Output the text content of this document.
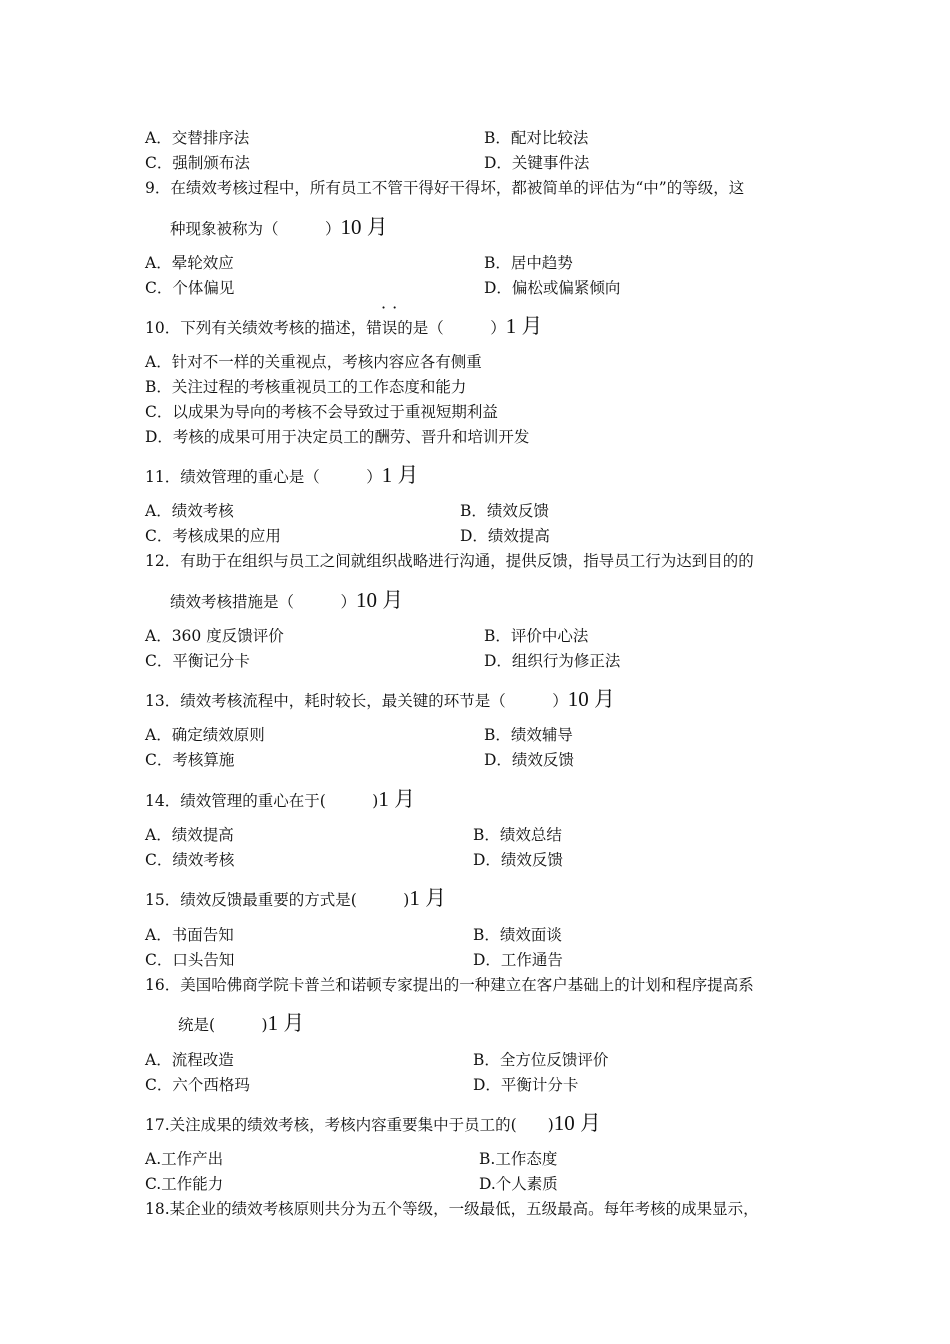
A．交替排序法	B．配对比较法
C．强制颁布法	D．关键事件法
9．在绩效考核过程中，所有员工不管干得好干得坏，都被简单的评估为“中”的等级，这
种现象被称为（　　　）10 月
A．晕轮效应	B．居中趋势
C．个体偏见	D．偏松或偏紧倾向
··
10．下列有关绩效考核的描述，错误的是（　　　）1 月
A．针对不一样的关重视点，考核内容应各有侧重
B．关注过程的考核重视员工的工作态度和能力
C．以成果为导向的考核不会导致过于重视短期利益
D．考核的成果可用于决定员工的酬劳、晋升和培训开发
11．绩效管理的重心是（　　　）1 月
A．绩效考核	B．绩效反馈
C．考核成果的应用	D．绩效提高
12．有助于在组织与员工之间就组织战略进行沟通，提供反馈，指导员工行为达到目的的
绩效考核措施是（　　　）10 月
A．360 度反馈评价	B．评价中心法
C．平衡记分卡	D．组织行为修正法
13．绩效考核流程中，耗时较长，最关键的环节是（　　　）10 月
A．确定绩效原则	B．绩效辅导
C．考核算施	D．绩效反馈
14．绩效管理的重心在于(　　　)1 月
A．绩效提高	B．绩效总结
C．绩效考核	D．绩效反馈
15．绩效反馈最重要的方式是(　　　)1 月
A．书面告知	B．绩效面谈
C．口头告知	D．工作通告
16．美国哈佛商学院卡普兰和诺顿专家提出的一种建立在客户基础上的计划和程序提高系
统是(　　　)1 月
A．流程改造	B．全方位反馈评价
C．六个西格玛	D．平衡计分卡
17.关注成果的绩效考核，考核内容重要集中于员工的(　　)10 月
A.工作产出	B.工作态度
C.工作能力	D.个人素质
18.某企业的绩效考核原则共分为五个等级，一级最低，五级最高。每年考核的成果显示，
